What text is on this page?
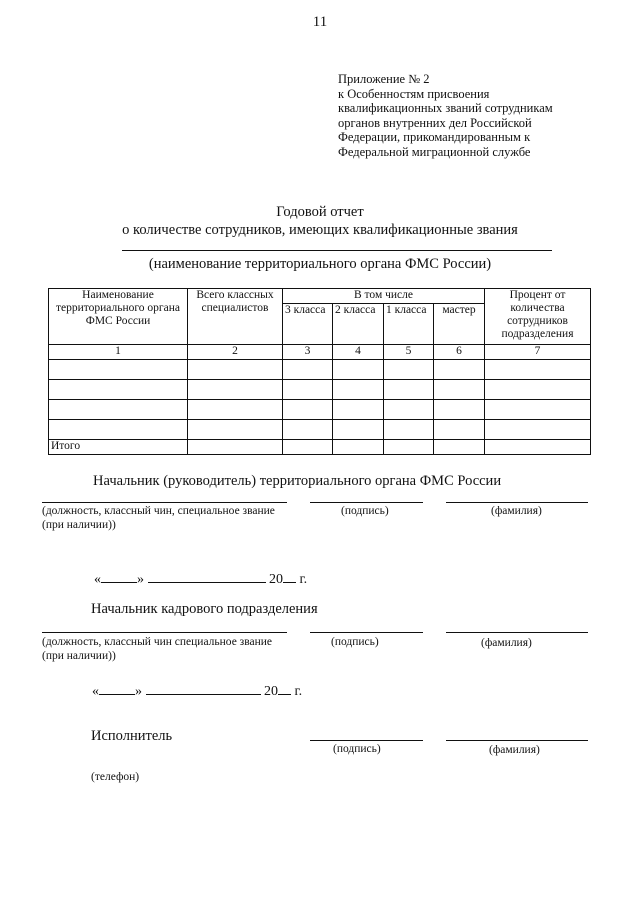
11
Приложение № 2
к Особенностям присвоения
квалификационных званий сотрудникам
органов внутренних дел Российской
Федерации, прикомандированным к
Федеральной миграционной службе
Годовой отчет
о количестве сотрудников, имеющих квалификационные звания
(наименование территориального органа ФМС России)
Наименование территориального органа ФМС России	Всего классных специалистов	В том числе				Процент от количества сотрудников подразделения
		3 класса	2 класса	1 класса	мастер	
1	2	3	4	5	6	7

Итого						
Начальник (руководитель) территориального органа ФМС России
(должность, классный чин, специальное звание (при наличии))
(подпись)	(фамилия)
«	»	20 г.
Начальник кадрового подразделения
(должность, классный чин специальное звание (при наличии))
(подпись)	(фамилия)
«	»	20 г.
Исполнитель
(подпись)	(фамилия)
(телефон)
